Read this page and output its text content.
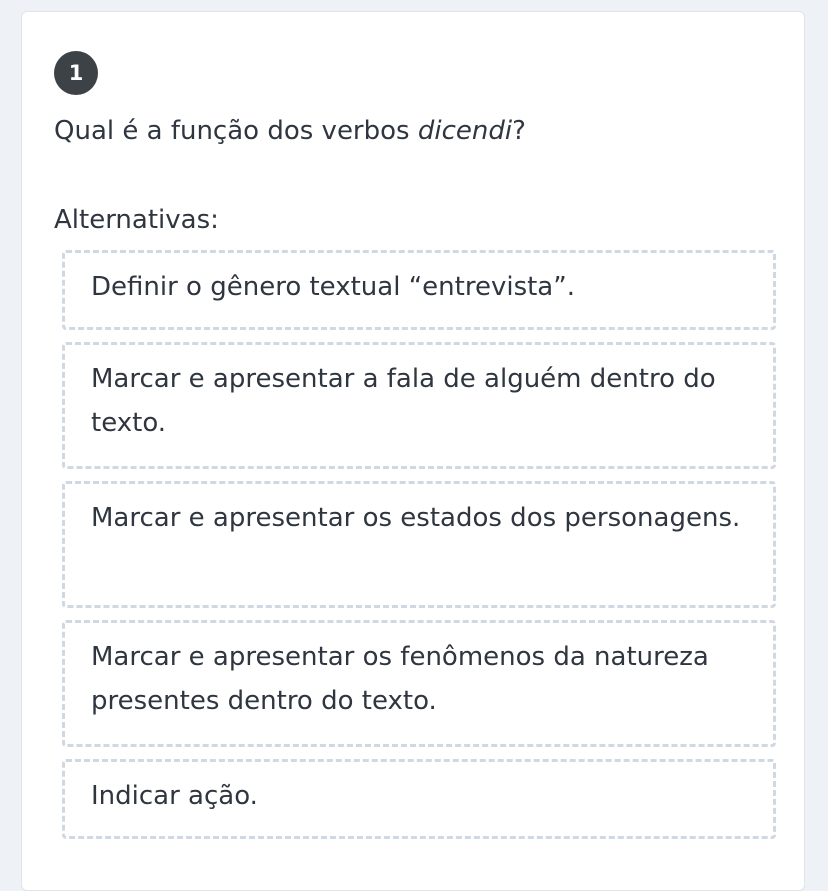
1

Qual é a função dos verbos dicendi?

Alternativas:
Definir o gênero textual “entrevista”.
Marcar e apresentar a fala de alguém dentro do texto.
Marcar e apresentar os estados dos personagens.
Marcar e apresentar os fenômenos da natureza presentes dentro do texto.
Indicar ação.
